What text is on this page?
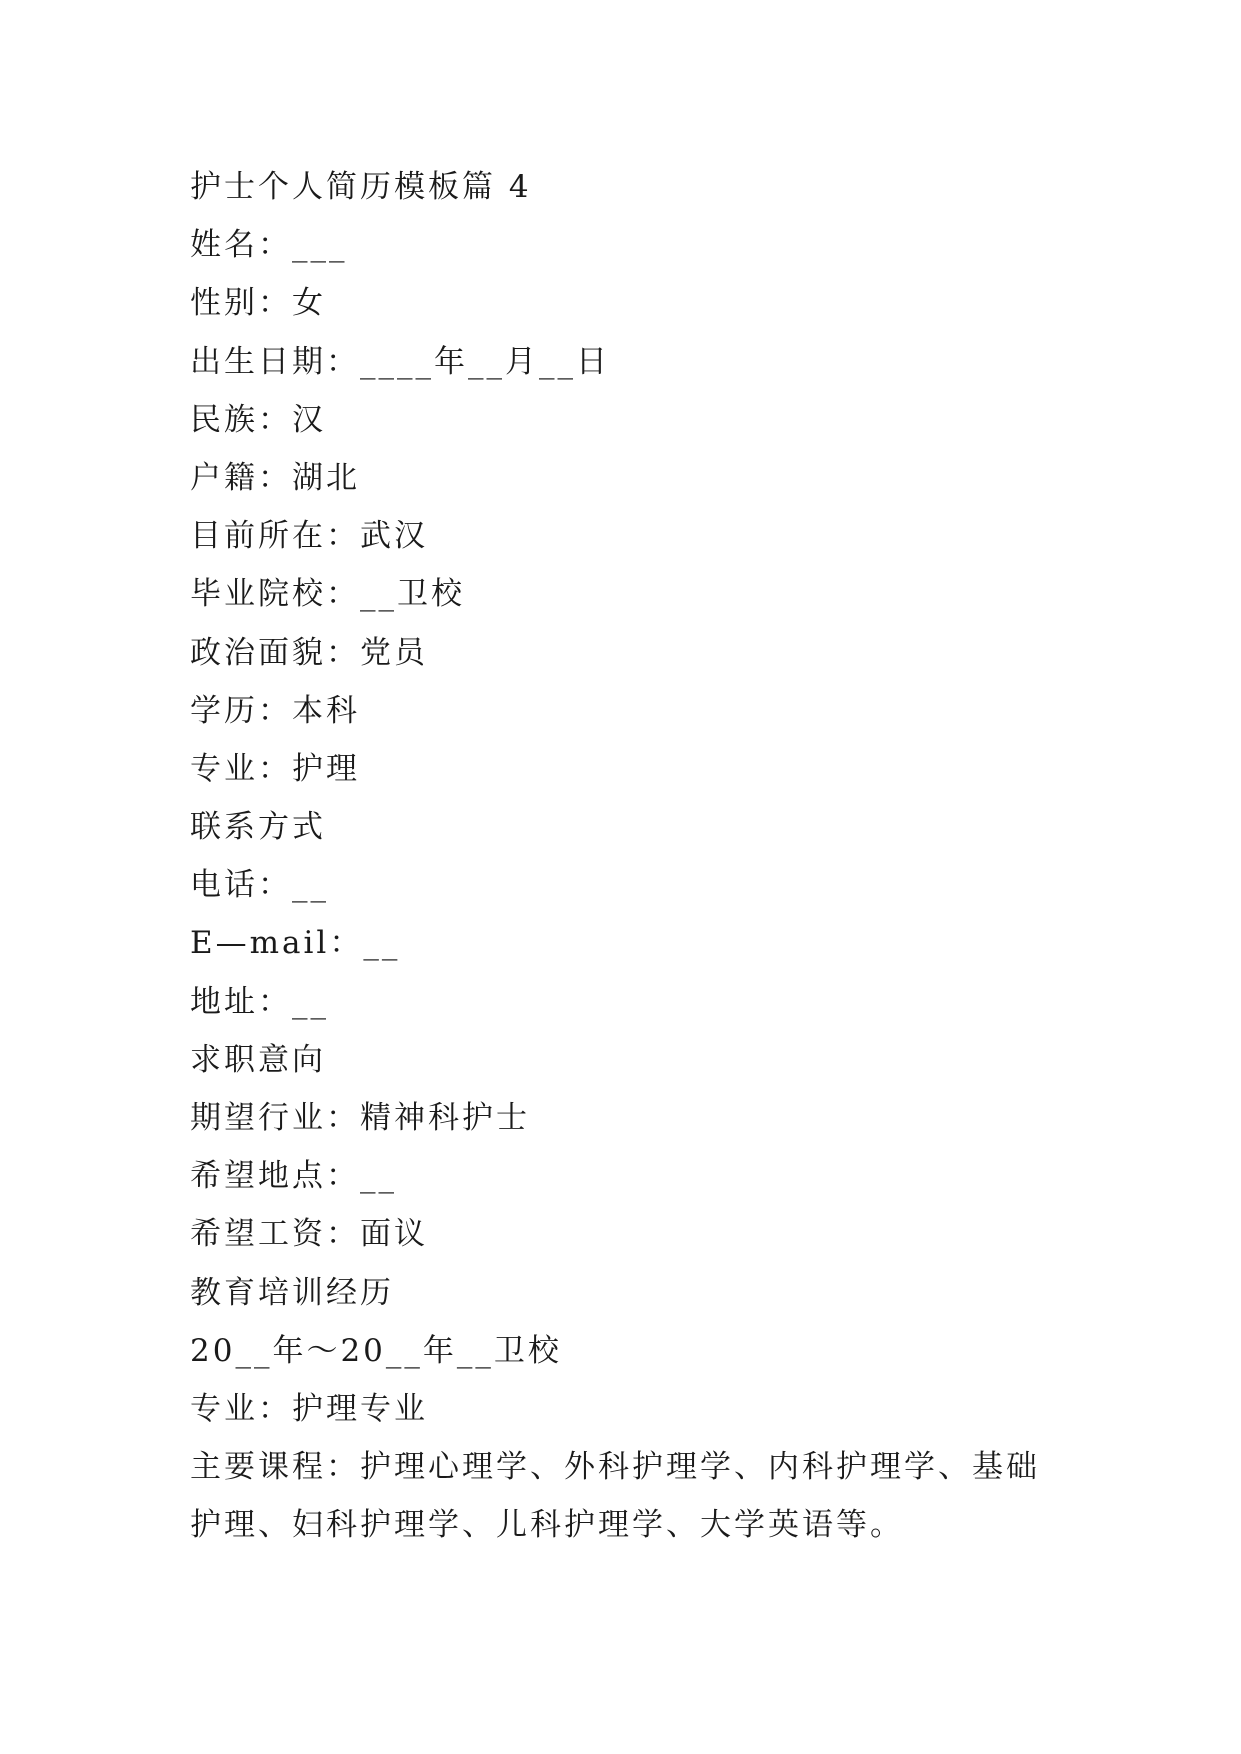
护士个人简历模板篇 4
姓名：___
性别：女
出生日期：____年__月__日
民族：汉
户籍：湖北
目前所在：武汉
毕业院校：__卫校
政治面貌：党员
学历：本科
专业：护理
联系方式
电话：__
E—mail：__
地址：__
求职意向
期望行业：精神科护士
希望地点：__
希望工资：面议
教育培训经历
20__年～20__年__卫校
专业：护理专业
主要课程：护理心理学、外科护理学、内科护理学、基础护理、妇科护理学、儿科护理学、大学英语等。
